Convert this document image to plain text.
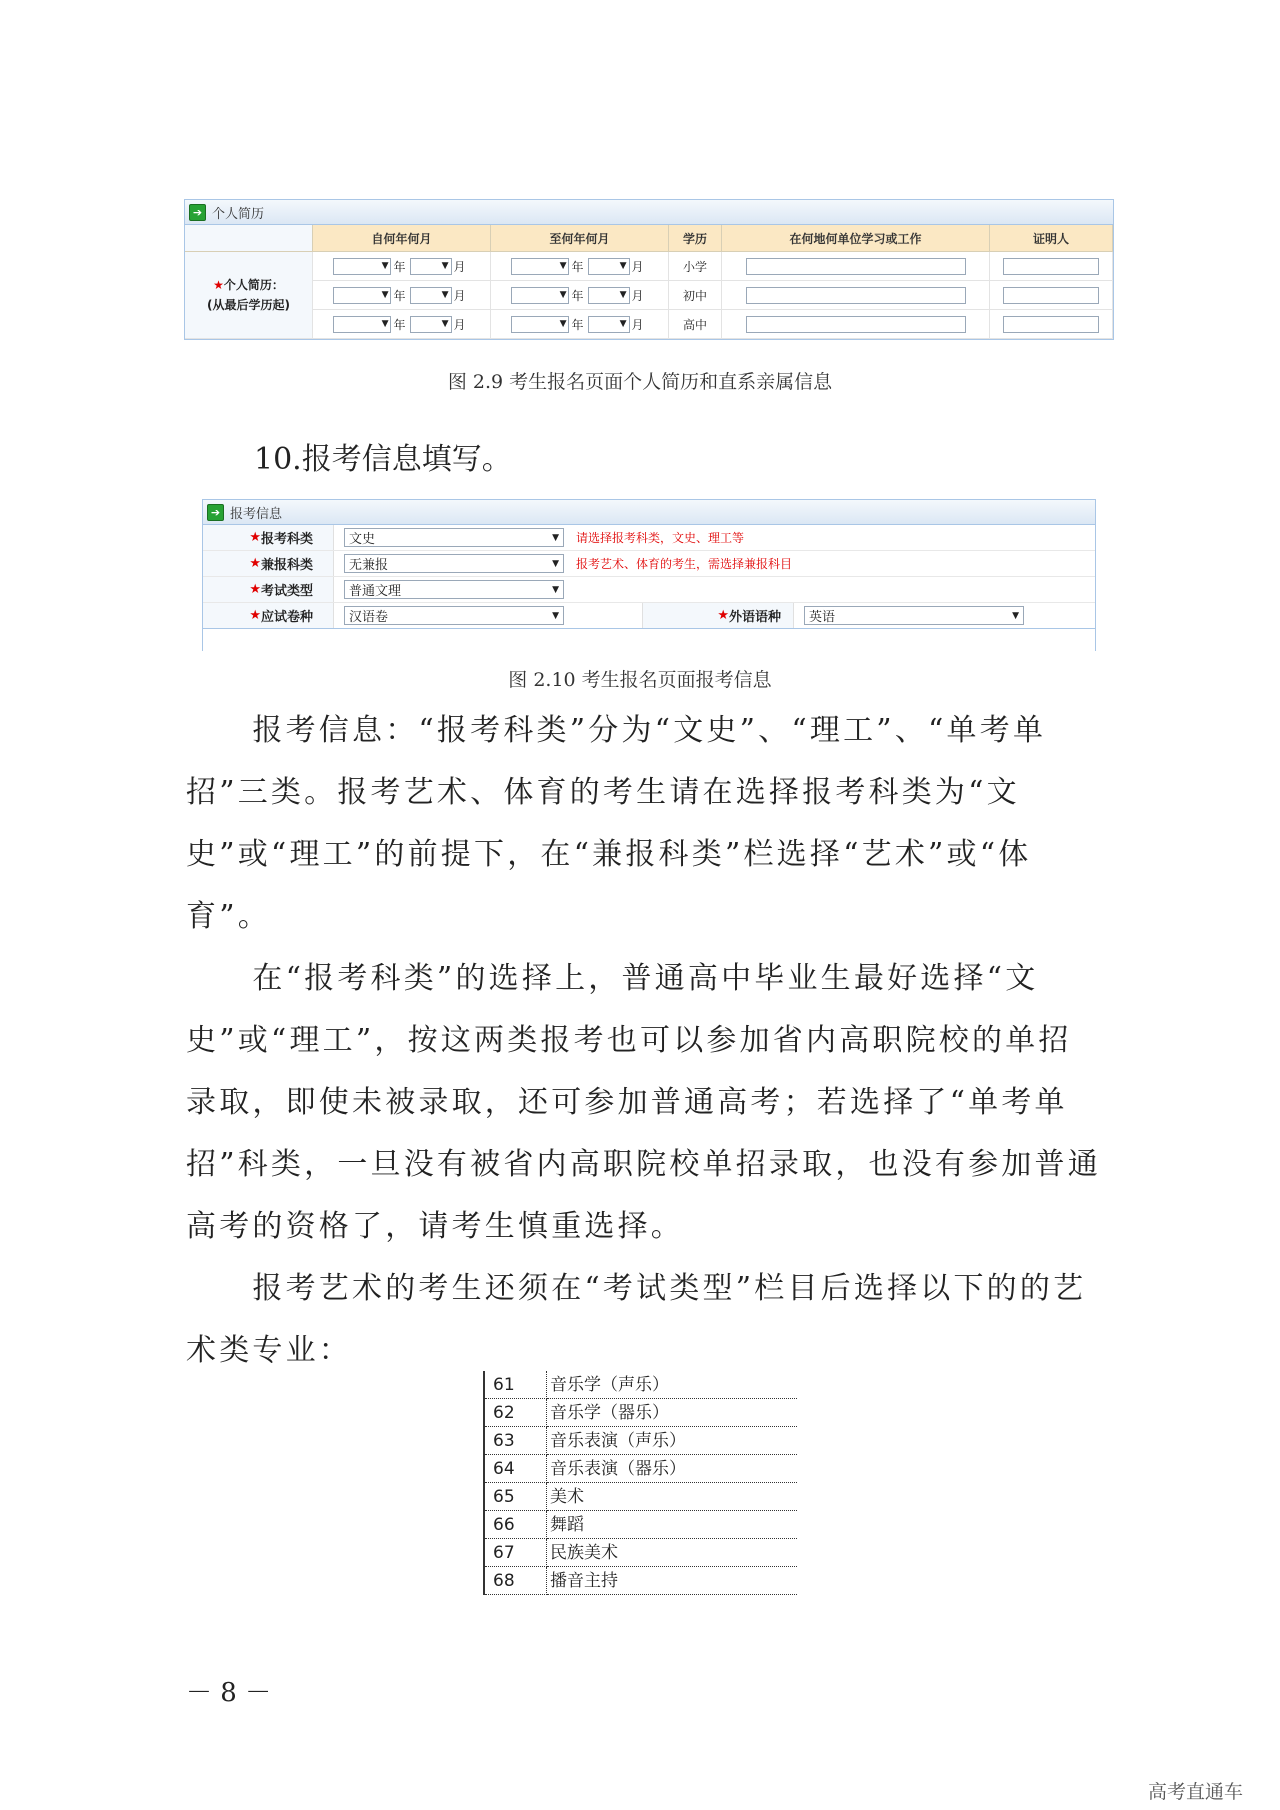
➔ 个人简历
	自何年何月	至何年何月	学历	在何地何单位学习或工作	证明人

★个人简历：
(从最后学历起)	▼ 年 ▼ 月	▼ 年 ▼ 月	小学		
	▼ 年 ▼ 月	▼ 年 ▼ 月	初中		
	▼ 年 ▼ 月	▼ 年 ▼ 月	高中		
图 2.9 考生报名页面个人简历和直系亲属信息
10.报考信息填写。
➔ 报考信息
★ 报考科类	文史	▼ 请选择报考科类，文史、理工等
★ 兼报科类	无兼报	▼ 报考艺术、体育的考生，需选择兼报科目
★ 考试类型	普通文理	▼
★ 应试卷种	汉语卷	▼	★ 外语语种 英语	▼
图 2.10 考生报名页面报考信息
　　报考信息：“报考科类”分为“文史”、“理工”、“单考单招”三类。报考艺术、体育的考生请在选择报考科类为“文史”或“理工”的前提下，在“兼报科类”栏选择“艺术”或“体育”。
　　在“报考科类”的选择上，普通高中毕业生最好选择“文史”或“理工”，按这两类报考也可以参加省内高职院校的单招录取，即使未被录取，还可参加普通高考；若选择了“单考单招”科类，一旦没有被省内高职院校单招录取，也没有参加普通高考的资格了，请考生慎重选择。
　　报考艺术的考生还须在“考试类型”栏目后选择以下的的艺术类专业：
61	音乐学（声乐）
62	音乐学（器乐）
63	音乐表演（声乐）
64	音乐表演（器乐）
65	美术
66	舞蹈
67	民族美术
68	播音主持
－ 8 －
高考直通车
